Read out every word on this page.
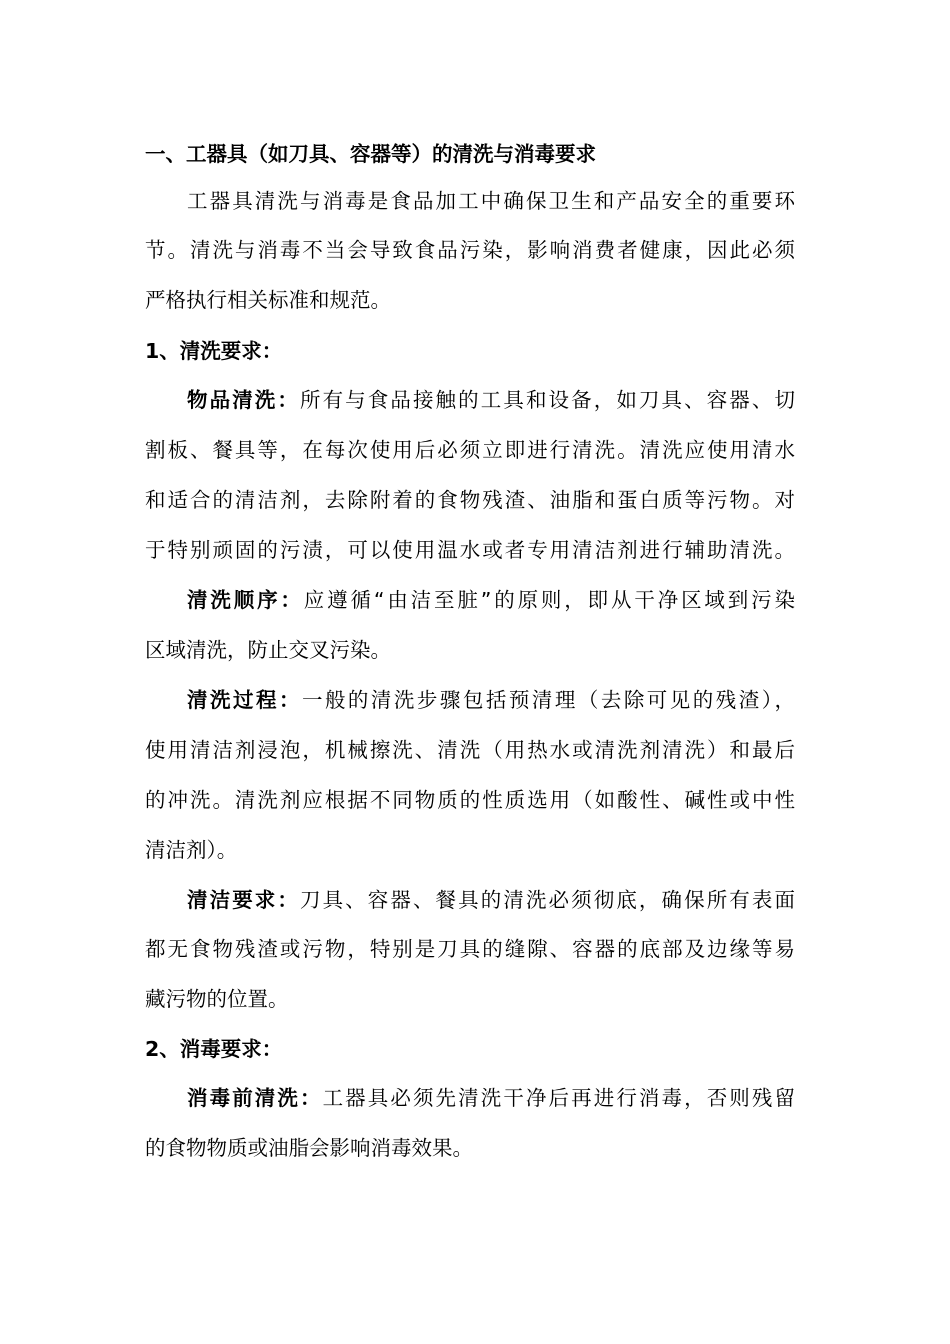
一、工器具（如刀具、容器等）的清洗与消毒要求
工器具清洗与消毒是食品加工中确保卫生和产品安全的重要环
节。清洗与消毒不当会导致食品污染，影响消费者健康，因此必须
严格执行相关标准和规范。
1、清洗要求：
物品清洗：所有与食品接触的工具和设备，如刀具、容器、切
割板、餐具等，在每次使用后必须立即进行清洗。清洗应使用清水
和适合的清洁剂，去除附着的食物残渣、油脂和蛋白质等污物。对
于特别顽固的污渍，可以使用温水或者专用清洁剂进行辅助清洗。
清洗顺序：应遵循“由洁至脏”的原则，即从干净区域到污染
区域清洗，防止交叉污染。
清洗过程：一般的清洗步骤包括预清理（去除可见的残渣），
使用清洁剂浸泡，机械擦洗、清洗（用热水或清洗剂清洗）和最后
的冲洗。清洗剂应根据不同物质的性质选用（如酸性、碱性或中性
清洁剂）。
清洁要求：刀具、容器、餐具的清洗必须彻底，确保所有表面
都无食物残渣或污物，特别是刀具的缝隙、容器的底部及边缘等易
藏污物的位置。
2、消毒要求：
消毒前清洗：工器具必须先清洗干净后再进行消毒，否则残留
的食物物质或油脂会影响消毒效果。
